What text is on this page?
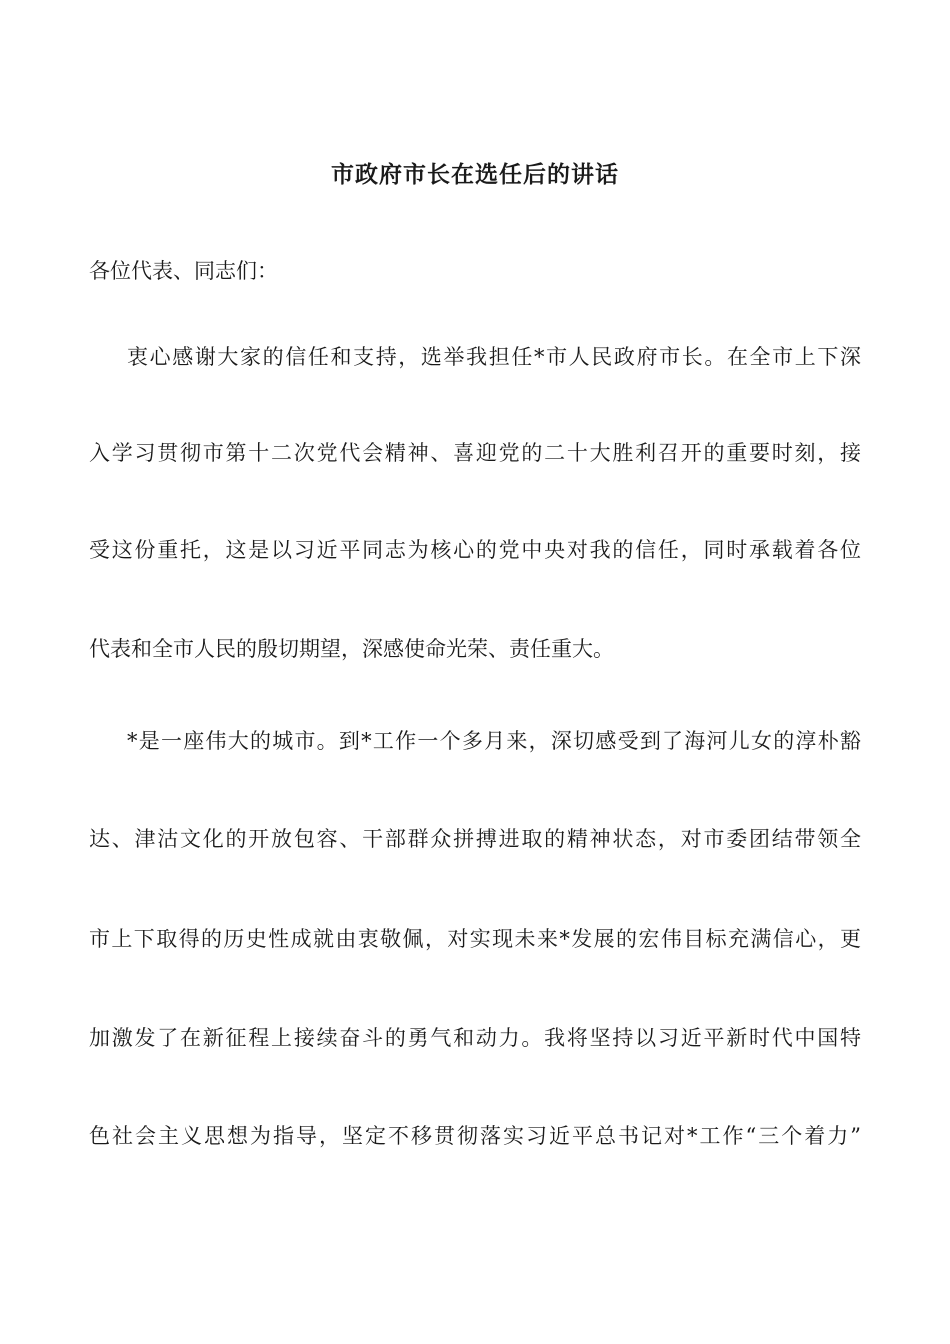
市政府市长在选任后的讲话

各位代表、同志们：

衷心感谢大家的信任和支持，选举我担任*市人民政府市长。在全市上下深

入学习贯彻市第十二次党代会精神、喜迎党的二十大胜利召开的重要时刻，接

受这份重托，这是以习近平同志为核心的党中央对我的信任，同时承载着各位

代表和全市人民的殷切期望，深感使命光荣、责任重大。

*是一座伟大的城市。到*工作一个多月来，深切感受到了海河儿女的淳朴豁

达、津沽文化的开放包容、干部群众拼搏进取的精神状态，对市委团结带领全

市上下取得的历史性成就由衷敬佩，对实现未来*发展的宏伟目标充满信心，更

加激发了在新征程上接续奋斗的勇气和动力。我将坚持以习近平新时代中国特

色社会主义思想为指导，坚定不移贯彻落实习近平总书记对*工作“三个着力”
